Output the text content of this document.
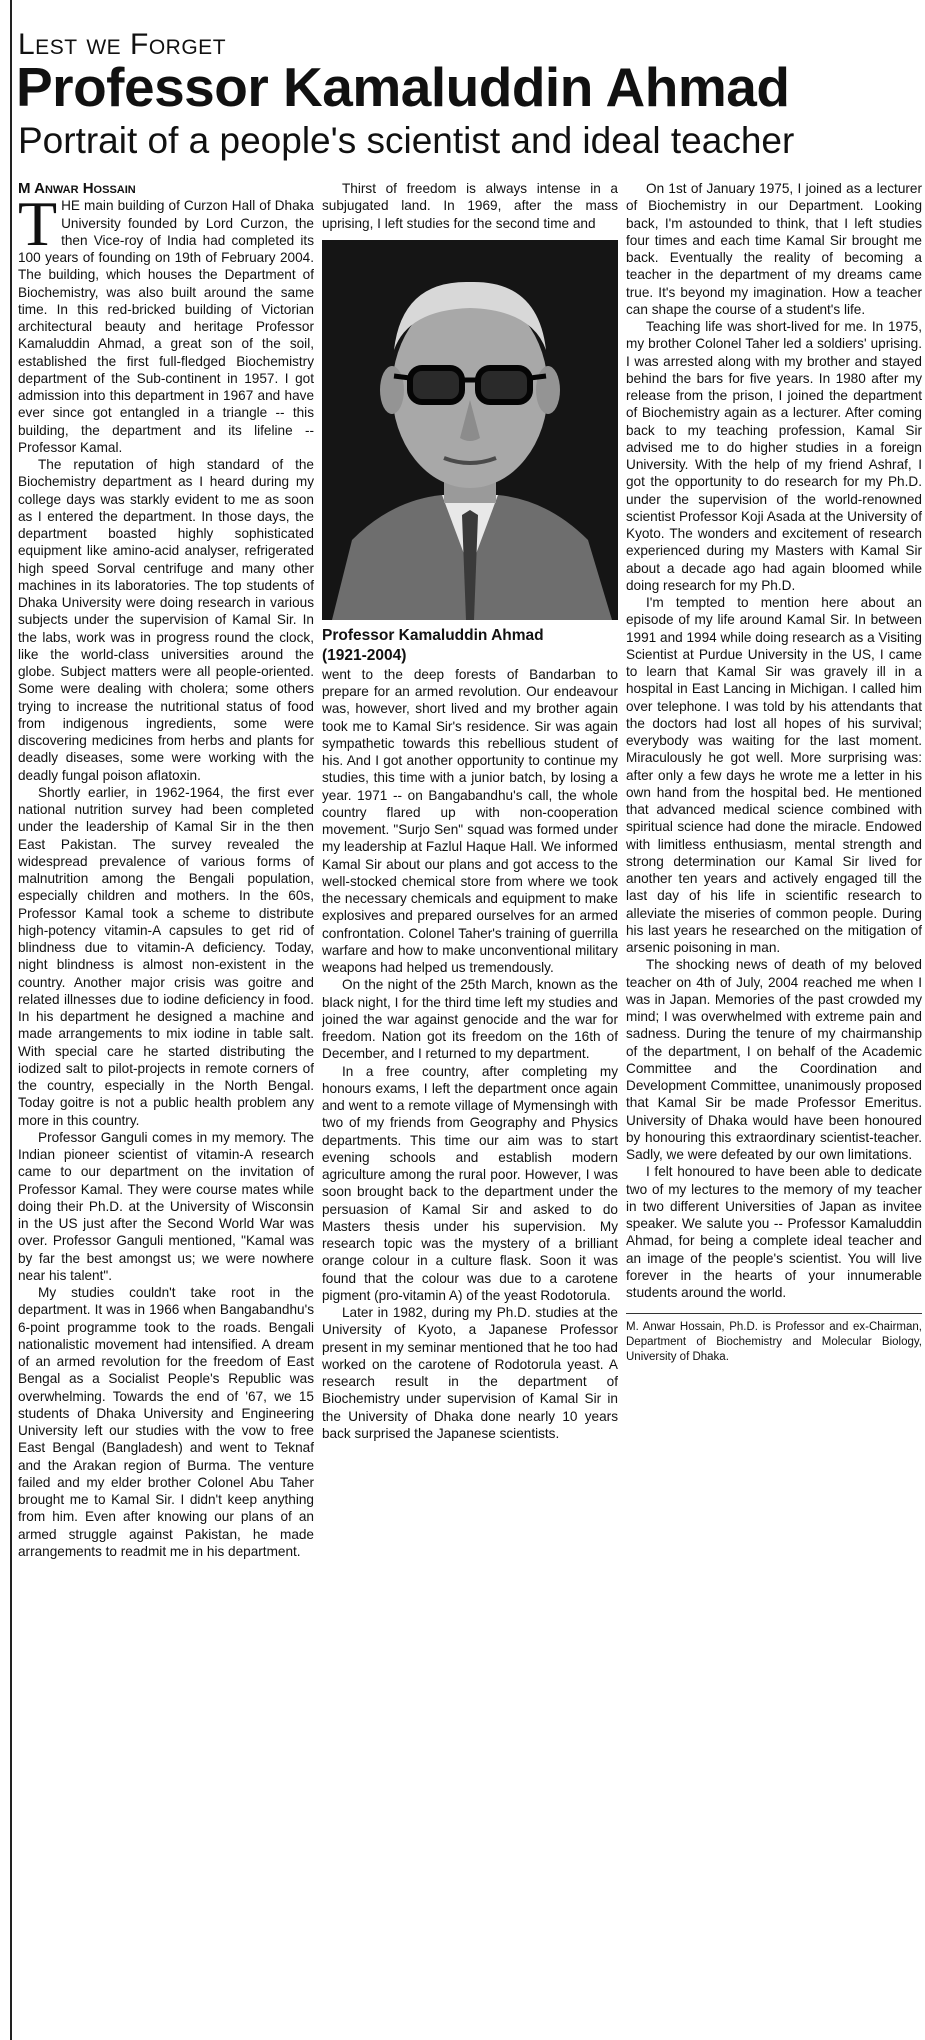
Lest we Forget
Professor Kamaluddin Ahmad
Portrait of a people's scientist and ideal teacher

M Anwar Hossain

THE main building of Curzon Hall of Dhaka University founded by Lord Curzon, the then Vice-roy of India had completed its 100 years of founding on 19th of February 2004. The building, which houses the Department of Biochemistry, was also built around the same time. In this red-bricked building of Victorian architectural beauty and heritage Professor Kamaluddin Ahmad, a great son of the soil, established the first full-fledged Biochemistry department of the Sub-continent in 1957. I got admission into this department in 1967 and have ever since got entangled in a triangle -- this building, the department and its lifeline -- Professor Kamal.

The reputation of high standard of the Biochemistry department as I heard during my college days was starkly evident to me as soon as I entered the department. In those days, the department boasted highly sophisticated equipment like amino-acid analyser, refrigerated high speed Sorval centrifuge and many other machines in its laboratories. The top students of Dhaka University were doing research in various subjects under the supervision of Kamal Sir. In the labs, work was in progress round the clock, like the world-class universities around the globe. Subject matters were all people-oriented. Some were dealing with cholera; some others trying to increase the nutritional status of food from indigenous ingredients, some were discovering medicines from herbs and plants for deadly diseases, some were working with the deadly fungal poison aflatoxin.

Shortly earlier, in 1962-1964, the first ever national nutrition survey had been completed under the leadership of Kamal Sir in the then East Pakistan. The survey revealed the widespread prevalence of various forms of malnutrition among the Bengali population, especially children and mothers. In the 60s, Professor Kamal took a scheme to distribute high-potency vitamin-A capsules to get rid of blindness due to vitamin-A deficiency. Today, night blindness is almost non-existent in the country. Another major crisis was goitre and related illnesses due to iodine deficiency in food. In his department he designed a machine and made arrangements to mix iodine in table salt. With special care he started distributing the iodized salt to pilot-projects in remote corners of the country, especially in the North Bengal. Today goitre is not a public health problem any more in this country.

Professor Ganguli comes in my memory. The Indian pioneer scientist of vitamin-A research came to our department on the invitation of Professor Kamal. They were course mates while doing their Ph.D. at the University of Wisconsin in the US just after the Second World War was over. Professor Ganguli mentioned, "Kamal was by far the best amongst us; we were nowhere near his talent".

My studies couldn't take root in the department. It was in 1966 when Bangabandhu's 6-point programme took to the roads. Bengali nationalistic movement had intensified. A dream of an armed revolution for the freedom of East Bengal as a Socialist People's Republic was overwhelming. Towards the end of '67, we 15 students of Dhaka University and Engineering University left our studies with the vow to free East Bengal (Bangladesh) and went to Teknaf and the Arakan region of Burma. The venture failed and my elder brother Colonel Abu Taher brought me to Kamal Sir. I didn't keep anything from him. Even after knowing our plans of an armed struggle against Pakistan, he made arrangements to readmit me in his department.

Thirst of freedom is always intense in a subjugated land. In 1969, after the mass uprising, I left studies for the second time and

Professor Kamaluddin Ahmad
(1921-2004)

went to the deep forests of Bandarban to prepare for an armed revolution. Our endeavour was, however, short lived and my brother again took me to Kamal Sir's residence. Sir was again sympathetic towards this rebellious student of his. And I got another opportunity to continue my studies, this time with a junior batch, by losing a year. 1971 -- on Bangabandhu's call, the whole country flared up with non-cooperation movement. "Surjo Sen" squad was formed under my leadership at Fazlul Haque Hall. We informed Kamal Sir about our plans and got access to the well-stocked chemical store from where we took the necessary chemicals and equipment to make explosives and prepared ourselves for an armed confrontation. Colonel Taher's training of guerrilla warfare and how to make unconventional military weapons had helped us tremendously.

On the night of the 25th March, known as the black night, I for the third time left my studies and joined the war against genocide and the war for freedom. Nation got its freedom on the 16th of December, and I returned to my department.

In a free country, after completing my honours exams, I left the department once again and went to a remote village of Mymensingh with two of my friends from Geography and Physics departments. This time our aim was to start evening schools and establish modern agriculture among the rural poor. However, I was soon brought back to the department under the persuasion of Kamal Sir and asked to do Masters thesis under his supervision. My research topic was the mystery of a brilliant orange colour in a culture flask. Soon it was found that the colour was due to a carotene pigment (pro-vitamin A) of the yeast Rodotorula.

Later in 1982, during my Ph.D. studies at the University of Kyoto, a Japanese Professor present in my seminar mentioned that he too had worked on the carotene of Rodotorula yeast. A research result in the department of Biochemistry under supervision of Kamal Sir in the University of Dhaka done nearly 10 years back surprised the Japanese scientists.

On 1st of January 1975, I joined as a lecturer of Biochemistry in our Department. Looking back, I'm astounded to think, that I left studies four times and each time Kamal Sir brought me back. Eventually the reality of becoming a teacher in the department of my dreams came true. It's beyond my imagination. How a teacher can shape the course of a student's life.

Teaching life was short-lived for me. In 1975, my brother Colonel Taher led a soldiers' uprising. I was arrested along with my brother and stayed behind the bars for five years. In 1980 after my release from the prison, I joined the department of Biochemistry again as a lecturer. After coming back to my teaching profession, Kamal Sir advised me to do higher studies in a foreign University. With the help of my friend Ashraf, I got the opportunity to do research for my Ph.D. under the supervision of the world-renowned scientist Professor Koji Asada at the University of Kyoto. The wonders and excitement of research experienced during my Masters with Kamal Sir about a decade ago had again bloomed while doing research for my Ph.D.

I'm tempted to mention here about an episode of my life around Kamal Sir. In between 1991 and 1994 while doing research as a Visiting Scientist at Purdue University in the US, I came to learn that Kamal Sir was gravely ill in a hospital in East Lancing in Michigan. I called him over telephone. I was told by his attendants that the doctors had lost all hopes of his survival; everybody was waiting for the last moment. Miraculously he got well. More surprising was: after only a few days he wrote me a letter in his own hand from the hospital bed. He mentioned that advanced medical science combined with spiritual science had done the miracle. Endowed with limitless enthusiasm, mental strength and strong determination our Kamal Sir lived for another ten years and actively engaged till the last day of his life in scientific research to alleviate the miseries of common people. During his last years he researched on the mitigation of arsenic poisoning in man.

The shocking news of death of my beloved teacher on 4th of July, 2004 reached me when I was in Japan. Memories of the past crowded my mind; I was overwhelmed with extreme pain and sadness. During the tenure of my chairmanship of the department, I on behalf of the Academic Committee and the Coordination and Development Committee, unanimously proposed that Kamal Sir be made Professor Emeritus. University of Dhaka would have been honoured by honouring this extraordinary scientist-teacher. Sadly, we were defeated by our own limitations.

I felt honoured to have been able to dedicate two of my lectures to the memory of my teacher in two different Universities of Japan as invitee speaker. We salute you -- Professor Kamaluddin Ahmad, for being a complete ideal teacher and an image of the people's scientist. You will live forever in the hearts of your innumerable students around the world.

M. Anwar Hossain, Ph.D. is Professor and ex-Chairman, Department of Biochemistry and Molecular Biology, University of Dhaka.
